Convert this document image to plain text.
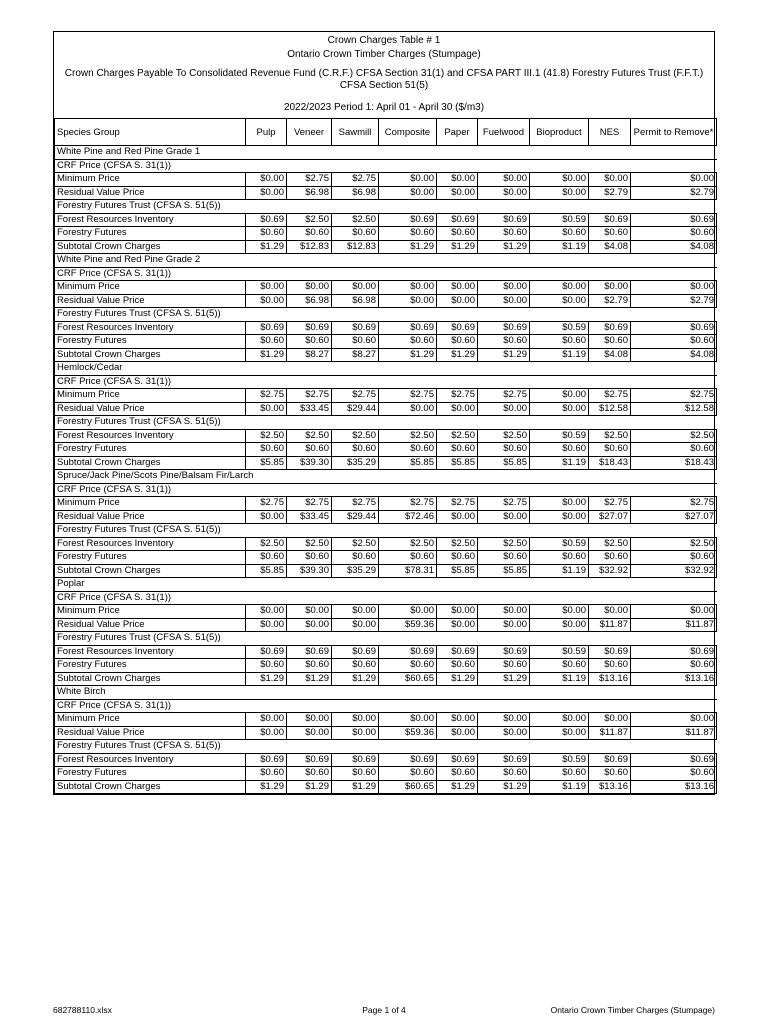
Crown Charges Table # 1
Ontario Crown Timber Charges (Stumpage)
Crown Charges Payable To Consolidated Revenue Fund (C.R.F.) CFSA Section 31(1) and CFSA PART III.1 (41.8) Forestry Futures Trust (F.F.T.) CFSA Section 51(5)
2022/2023 Period 1: April 01 - April 30 ($/m3)
Species Group	Pulp	Veneer	Sawmill	Composite	Paper	Fuelwood	Bioproduct	NES	Permit to Remove*
White Pine and Red Pine Grade 1									
CRF Price (CFSA S. 31(1))									
Minimum Price	$0.00	$2.75	$2.75	$0.00	$0.00	$0.00	$0.00	$0.00	$0.00
Residual Value Price	$0.00	$6.98	$6.98	$0.00	$0.00	$0.00	$0.00	$2.79	$2.79
Forestry Futures Trust (CFSA S. 51(5))									
Forest Resources Inventory	$0.69	$2.50	$2.50	$0.69	$0.69	$0.69	$0.59	$0.69	$0.69
Forestry Futures	$0.60	$0.60	$0.60	$0.60	$0.60	$0.60	$0.60	$0.60	$0.60
Subtotal Crown Charges	$1.29	$12.83	$12.83	$1.29	$1.29	$1.29	$1.19	$4.08	$4.08
White Pine and Red Pine Grade 2									
CRF Price (CFSA S. 31(1))									
Minimum Price	$0.00	$0.00	$0.00	$0.00	$0.00	$0.00	$0.00	$0.00	$0.00
Residual Value Price	$0.00	$6.98	$6.98	$0.00	$0.00	$0.00	$0.00	$2.79	$2.79
Forestry Futures Trust (CFSA S. 51(5))									
Forest Resources Inventory	$0.69	$0.69	$0.69	$0.69	$0.69	$0.69	$0.59	$0.69	$0.69
Forestry Futures	$0.60	$0.60	$0.60	$0.60	$0.60	$0.60	$0.60	$0.60	$0.60
Subtotal Crown Charges	$1.29	$8.27	$8.27	$1.29	$1.29	$1.29	$1.19	$4.08	$4.08
Hemlock/Cedar									
CRF Price (CFSA S. 31(1))									
Minimum Price	$2.75	$2.75	$2.75	$2.75	$2.75	$2.75	$0.00	$2.75	$2.75
Residual Value Price	$0.00	$33.45	$29.44	$0.00	$0.00	$0.00	$0.00	$12.58	$12.58
Forestry Futures Trust (CFSA S. 51(5))									
Forest Resources Inventory	$2.50	$2.50	$2.50	$2.50	$2.50	$2.50	$0.59	$2.50	$2.50
Forestry Futures	$0.60	$0.60	$0.60	$0.60	$0.60	$0.60	$0.60	$0.60	$0.60
Subtotal Crown Charges	$5.85	$39.30	$35.29	$5.85	$5.85	$5.85	$1.19	$18.43	$18.43
Spruce/Jack Pine/Scots Pine/Balsam Fir/Larch									
CRF Price (CFSA S. 31(1))									
Minimum Price	$2.75	$2.75	$2.75	$2.75	$2.75	$2.75	$0.00	$2.75	$2.75
Residual Value Price	$0.00	$33.45	$29.44	$72.46	$0.00	$0.00	$0.00	$27.07	$27.07
Forestry Futures Trust (CFSA S. 51(5))									
Forest Resources Inventory	$2.50	$2.50	$2.50	$2.50	$2.50	$2.50	$0.59	$2.50	$2.50
Forestry Futures	$0.60	$0.60	$0.60	$0.60	$0.60	$0.60	$0.60	$0.60	$0.60
Subtotal Crown Charges	$5.85	$39.30	$35.29	$78.31	$5.85	$5.85	$1.19	$32.92	$32.92
Poplar									
CRF Price (CFSA S. 31(1))									
Minimum Price	$0.00	$0.00	$0.00	$0.00	$0.00	$0.00	$0.00	$0.00	$0.00
Residual Value Price	$0.00	$0.00	$0.00	$59.36	$0.00	$0.00	$0.00	$11.87	$11.87
Forestry Futures Trust (CFSA S. 51(5))									
Forest Resources Inventory	$0.69	$0.69	$0.69	$0.69	$0.69	$0.69	$0.59	$0.69	$0.69
Forestry Futures	$0.60	$0.60	$0.60	$0.60	$0.60	$0.60	$0.60	$0.60	$0.60
Subtotal Crown Charges	$1.29	$1.29	$1.29	$60.65	$1.29	$1.29	$1.19	$13.16	$13.16
White Birch									
CRF Price (CFSA S. 31(1))									
Minimum Price	$0.00	$0.00	$0.00	$0.00	$0.00	$0.00	$0.00	$0.00	$0.00
Residual Value Price	$0.00	$0.00	$0.00	$59.36	$0.00	$0.00	$0.00	$11.87	$11.87
Forestry Futures Trust (CFSA S. 51(5))									
Forest Resources Inventory	$0.69	$0.69	$0.69	$0.69	$0.69	$0.69	$0.59	$0.69	$0.69
Forestry Futures	$0.60	$0.60	$0.60	$0.60	$0.60	$0.60	$0.60	$0.60	$0.60
Subtotal Crown Charges	$1.29	$1.29	$1.29	$60.65	$1.29	$1.29	$1.19	$13.16	$13.16
682788110.xlsx	Page 1 of 4	Ontario Crown Timber Charges (Stumpage)
